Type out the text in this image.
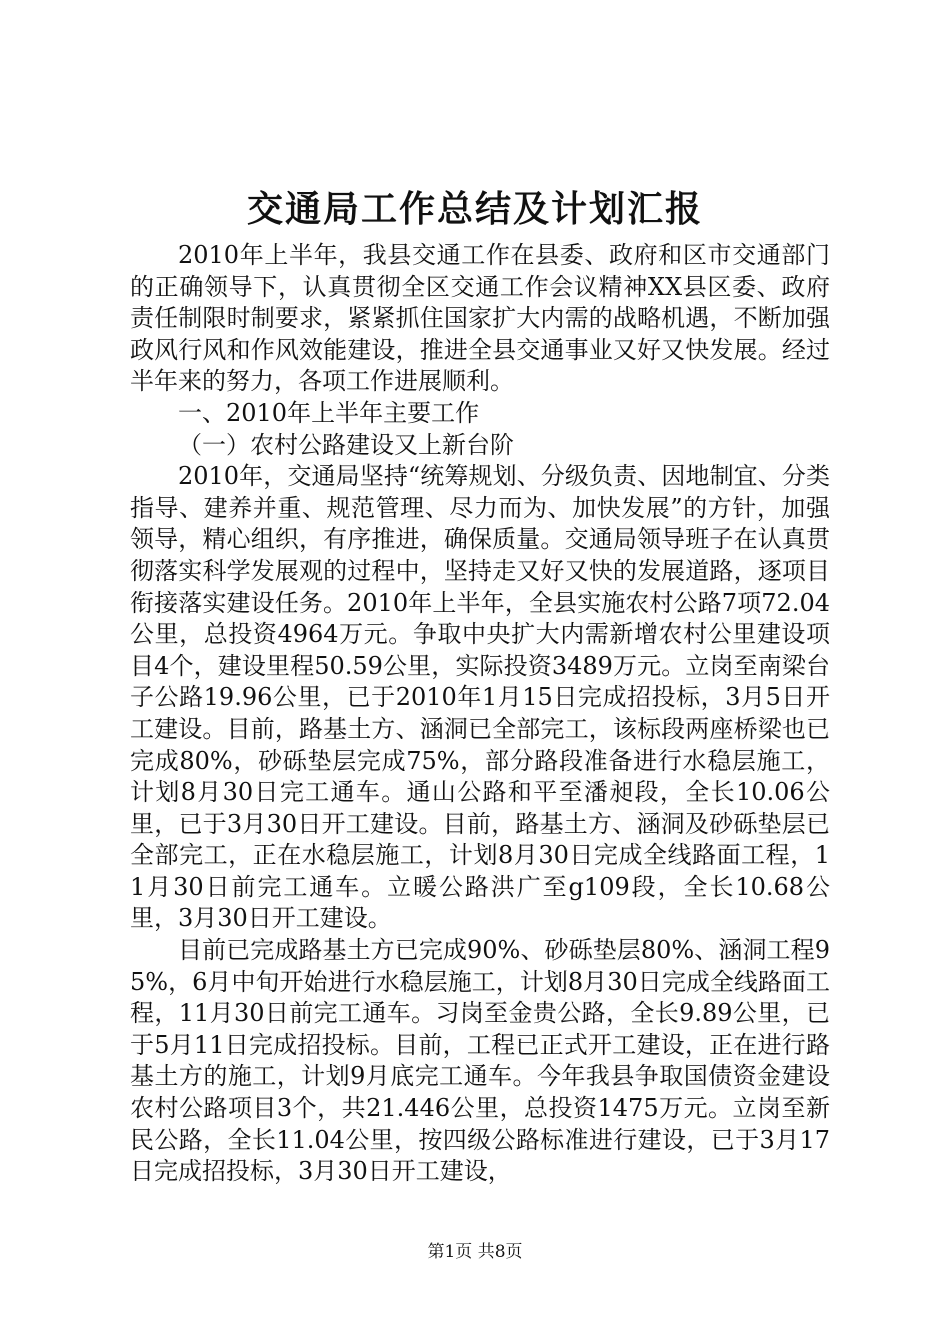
交通局工作总结及计划汇报

2010年上半年，我县交通工作在县委、政府和区市交通部门的正确领导下，认真贯彻全区交通工作会议精神XX县区委、政府责任制限时制要求，紧紧抓住国家扩大内需的战略机遇，不断加强政风行风和作风效能建设，推进全县交通事业又好又快发展。经过半年来的努力，各项工作进展顺利。

一、2010年上半年主要工作

（一）农村公路建设又上新台阶

2010年，交通局坚持“统筹规划、分级负责、因地制宜、分类指导、建养并重、规范管理、尽力而为、加快发展”的方针，加强领导，精心组织，有序推进，确保质量。交通局领导班子在认真贯彻落实科学发展观的过程中，坚持走又好又快的发展道路，逐项目衔接落实建设任务。2010年上半年，全县实施农村公路7项72.04公里，总投资4964万元。争取中央扩大内需新增农村公里建设项目4个，建设里程50.59公里，实际投资3489万元。立岗至南梁台子公路19.96公里，已于2010年1月15日完成招投标，3月5日开工建设。目前，路基土方、涵洞已全部完工，该标段两座桥梁也已完成80%，砂砾垫层完成75%，部分路段准备进行水稳层施工，计划8月30日完工通车。通山公路和平至潘昶段，全长10.06公里，已于3月30日开工建设。目前，路基土方、涵洞及砂砾垫层已全部完工，正在水稳层施工，计划8月30日完成全线路面工程，11月30日前完工通车。立暖公路洪广至g109段，全长10.68公里，3月30日开工建设。

目前已完成路基土方已完成90%、砂砾垫层80%、涵洞工程95%，6月中旬开始进行水稳层施工，计划8月30日完成全线路面工程，11月30日前完工通车。习岗至金贵公路，全长9.89公里，已于5月11日完成招投标。目前，工程已正式开工建设，正在进行路基土方的施工，计划9月底完工通车。今年我县争取国债资金建设农村公路项目3个，共21.446公里，总投资1475万元。立岗至新民公路，全长11.04公里，按四级公路标准进行建设，已于3月17日完成招投标，3月30日开工建设，

第1页 共8页
